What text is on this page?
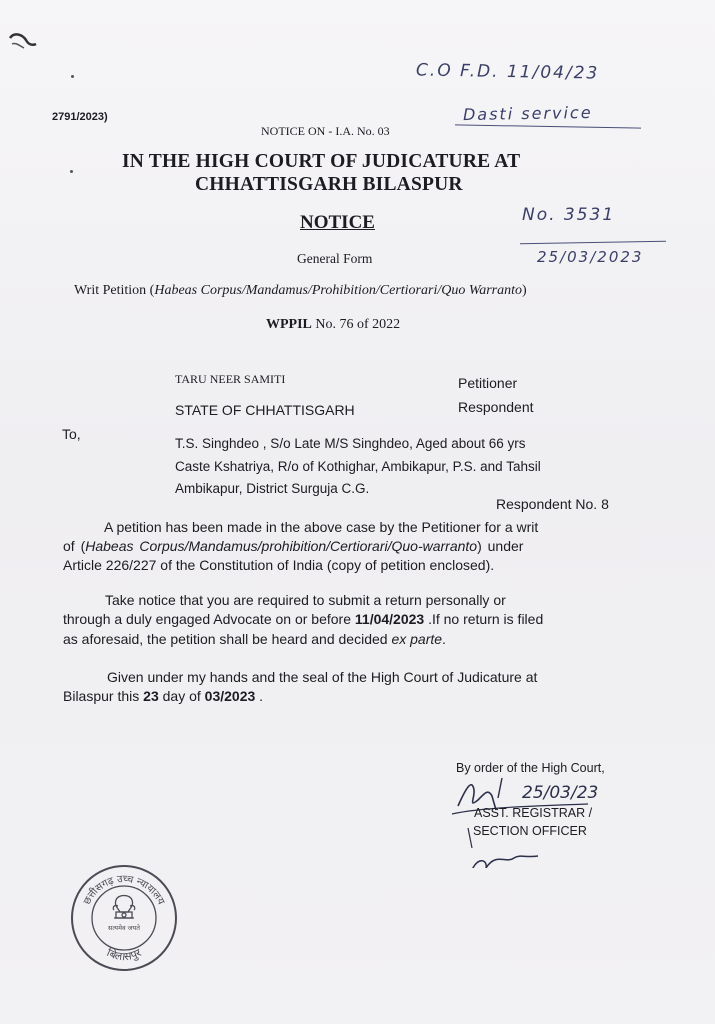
2791/2023)
NOTICE ON - I.A. No. 03
C.O F.D. 11/04/23
Dasti service
IN THE HIGH COURT OF JUDICATURE AT
CHHATTISGARH BILASPUR
NOTICE	No. 3531
25/03/2023
General Form
Writ Petition (Habeas Corpus/Mandamus/Prohibition/Certiorari/Quo Warranto)
WPPIL No. 76 of 2022
TARU NEER SAMITI	Petitioner
STATE OF CHHATTISGARH	Respondent
To,
T.S. Singhdeo , S/o Late M/S Singhdeo, Aged about 66 yrs
Caste Kshatriya, R/o of Kothighar, Ambikapur, P.S. and Tahsil
Ambikapur, District Surguja C.G.
Respondent No. 8
A petition has been made in the above case by the Petitioner for a writ
of (Habeas Corpus/Mandamus/prohibition/Certiorari/Quo-warranto) under
Article 226/227 of the Constitution of India (copy of petition enclosed).
Take notice that you are required to submit a return personally or
through a duly engaged Advocate on or before 11/04/2023 .If no return is filed
as aforesaid, the petition shall be heard and decided ex parte.
Given under my hands and the seal of the High Court of Judicature at
Bilaspur this 23 day of 03/2023 .
By order of the High Court,
25/03/23
ASST. REGISTRAR /
SECTION OFFICER
छत्तीसगढ़ उच्च न्यायालय
बिलासपुर
सत्यमेव जयते
